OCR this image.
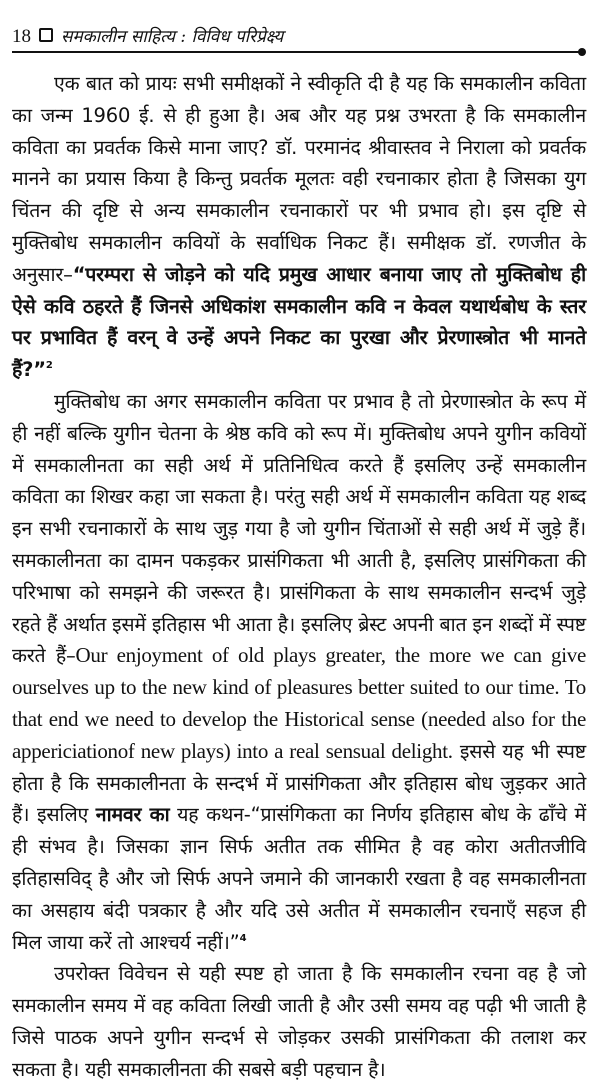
18 समकालीन साहित्य : विविध परिप्रेक्ष्य

एक बात को प्रायः सभी समीक्षकों ने स्वीकृति दी है यह कि समकालीन कविता का जन्म 1960 ई. से ही हुआ है। अब और यह प्रश्न उभरता है कि समकालीन कविता का प्रवर्तक किसे माना जाए? डॉ. परमानंद श्रीवास्तव ने निराला को प्रवर्तक मानने का प्रयास किया है किन्तु प्रवर्तक मूलतः वही रचनाकार होता है जिसका युग चिंतन की दृष्टि से अन्य समकालीन रचनाकारों पर भी प्रभाव हो। इस दृष्टि से मुक्तिबोध समकालीन कवियों के सर्वाधिक निकट हैं। समीक्षक डॉ. रणजीत के अनुसार–“परम्परा से जोड़ने को यदि प्रमुख आधार बनाया जाए तो मुक्तिबोध ही ऐसे कवि ठहरते हैं जिनसे अधिकांश समकालीन कवि न केवल यथार्थबोध के स्तर पर प्रभावित हैं वरन् वे उन्हें अपने निकट का पुरखा और प्रेरणास्त्रोत भी मानते हैं?”$^2$

मुक्तिबोध का अगर समकालीन कविता पर प्रभाव है तो प्रेरणास्त्रोत के रूप में ही नहीं बल्कि युगीन चेतना के श्रेष्ठ कवि को रूप में। मुक्तिबोध अपने युगीन कवियों में समकालीनता का सही अर्थ में प्रतिनिधित्व करते हैं इसलिए उन्हें समकालीन कविता का शिखर कहा जा सकता है। परंतु सही अर्थ में समकालीन कविता यह शब्द इन सभी रचनाकारों के साथ जुड़ गया है जो युगीन चिंताओं से सही अर्थ में जुड़े हैं। समकालीनता का दामन पकड़कर प्रासंगिकता भी आती है, इसलिए प्रासंगिकता की परिभाषा को समझने की जरूरत है। प्रासंगिकता के साथ समकालीन सन्दर्भ जुड़े रहते हैं अर्थात इसमें इतिहास भी आता है। इसलिए ब्रेस्ट अपनी बात इन शब्दों में स्पष्ट करते हैं–Our enjoyment of old plays greater, the more we can give ourselves up to the new kind of pleasures better suited to our time. To that end we need to develop the Historical sense (needed also for the appericiationof new plays) into a real sensual delight. इससे यह भी स्पष्ट होता है कि समकालीनता के सन्दर्भ में प्रासंगिकता और इतिहास बोध जुड़कर आते हैं। इसलिए नामवर का यह कथन-“प्रासंगिकता का निर्णय इतिहास बोध के ढाँचे में ही संभव है। जिसका ज्ञान सिर्फ अतीत तक सीमित है वह कोरा अतीतजीवि इतिहासविद् है और जो सिर्फ अपने जमाने की जानकारी रखता है वह समकालीनता का असहाय बंदी पत्रकार है और यदि उसे अतीत में समकालीन रचनाएँ सहज ही मिल जाया करें तो आश्चर्य नहीं।”$^4$

उपरोक्त विवेचन से यही स्पष्ट हो जाता है कि समकालीन रचना वह है जो समकालीन समय में वह कविता लिखी जाती है और उसी समय वह पढ़ी भी जाती है जिसे पाठक अपने युगीन सन्दर्भ से जोड़कर उसकी प्रासंगिकता की तलाश कर सकता है। यही समकालीनता की सबसे बड़ी पहचान है।
